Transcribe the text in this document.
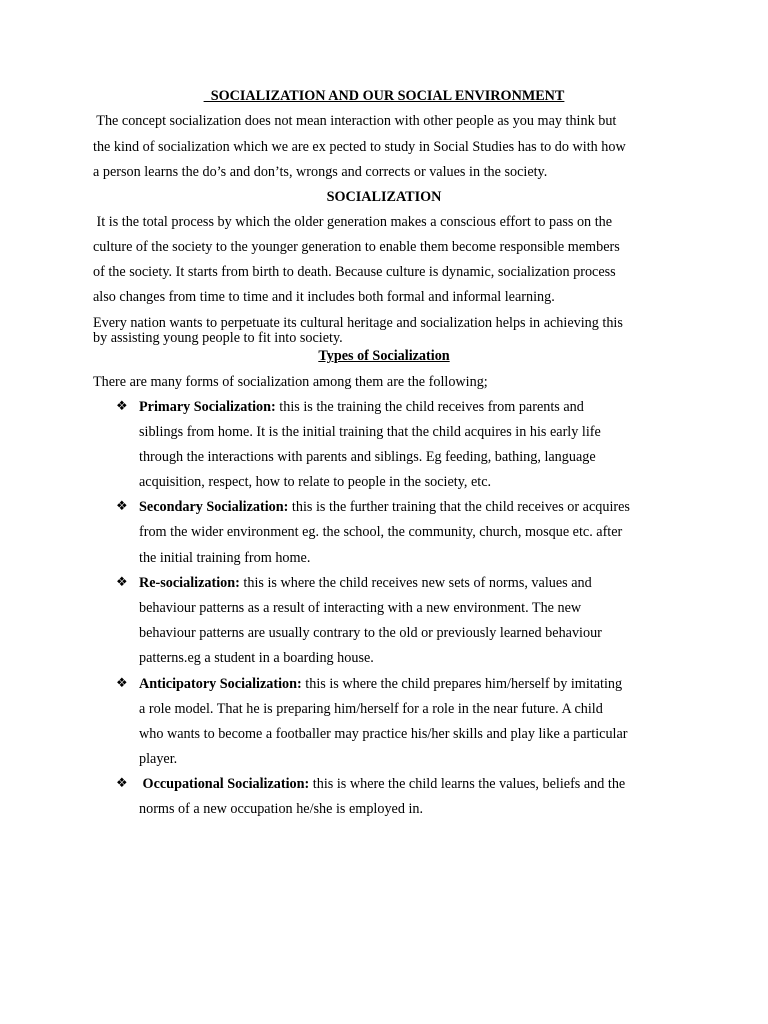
SOCIALIZATION AND OUR SOCIAL ENVIRONMENT
The concept socialization does not mean interaction with other people as you may think but
the kind of socialization which we are ex pected to study in Social Studies has to do with how
a person learns the do’s and don’ts, wrongs and corrects or values in the society.
SOCIALIZATION
It is the total process by which the older generation makes a conscious effort to pass on the
culture of the society to the younger generation to enable them become responsible members
of the society. It starts from birth to death. Because culture is dynamic, socialization process
also changes from time to time and it includes both formal and informal learning.
Every nation wants to perpetuate its cultural heritage and socialization helps in achieving this
by assisting young people to fit into society.
Types of Socialization
There are many forms of socialization among them are the following;
❖ Primary Socialization: this is the training the child receives from parents and
siblings from home. It is the initial training that the child acquires in his early life
through the interactions with parents and siblings. Eg feeding, bathing, language
acquisition, respect, how to relate to people in the society, etc.
❖ Secondary Socialization: this is the further training that the child receives or acquires
from the wider environment eg. the school, the community, church, mosque etc. after
the initial training from home.
❖ Re-socialization: this is where the child receives new sets of norms, values and
behaviour patterns as a result of interacting with a new environment. The new
behaviour patterns are usually contrary to the old or previously learned behaviour
patterns.eg a student in a boarding house.
❖ Anticipatory Socialization: this is where the child prepares him/herself by imitating
a role model. That he is preparing him/herself for a role in the near future. A child
who wants to become a footballer may practice his/her skills and play like a particular
player.
❖ Occupational Socialization: this is where the child learns the values, beliefs and the
norms of a new occupation he/she is employed in.
